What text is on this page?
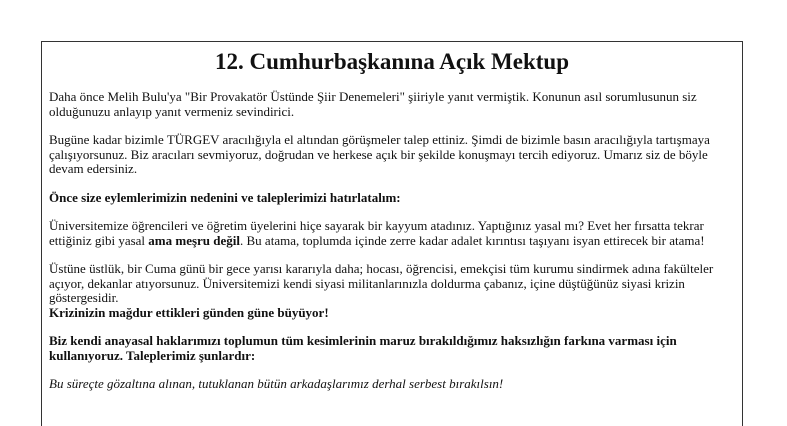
12. Cumhurbaşkanına Açık Mektup

Daha önce Melih Bulu'ya "Bir Provakatör Üstünde Şiir Denemeleri" şiiriyle yanıt vermiştik. Konunun asıl sorumlusunun siz olduğunuzu anlayıp yanıt vermeniz sevindirici.

Bugüne kadar bizimle TÜRGEV aracılığıyla el altından görüşmeler talep ettiniz. Şimdi de bizimle basın aracılığıyla tartışmaya çalışıyorsunuz. Biz aracıları sevmiyoruz, doğrudan ve herkese açık bir şekilde konuşmayı tercih ediyoruz. Umarız siz de böyle devam edersiniz.

Önce size eylemlerimizin nedenini ve taleplerimizi hatırlatalım:

Üniversitemize öğrencileri ve öğretim üyelerini hiçe sayarak bir kayyum atadınız. Yaptığınız yasal mı? Evet her fırsatta tekrar ettiğiniz gibi yasal ama meşru değil. Bu atama, toplumda içinde zerre kadar adalet kırıntısı taşıyanı isyan ettirecek bir atama!

Üstüne üstlük, bir Cuma günü bir gece yarısı kararıyla daha; hocası, öğrencisi, emekçisi tüm kurumu sindirmek adına fakülteler açıyor, dekanlar atıyorsunuz. Üniversitemizi kendi siyasi militanlarınızla doldurma çabanız, içine düştüğünüz siyasi krizin göstergesidir.

Krizinizin mağdur ettikleri günden güne büyüyor!

Biz kendi anayasal haklarımızı toplumun tüm kesimlerinin maruz bırakıldığımız haksızlığın farkına varması için kullanıyoruz. Taleplerimiz şunlardır:

Bu süreçte gözaltına alınan, tutuklanan bütün arkadaşlarımız derhal serbest bırakılsın!
